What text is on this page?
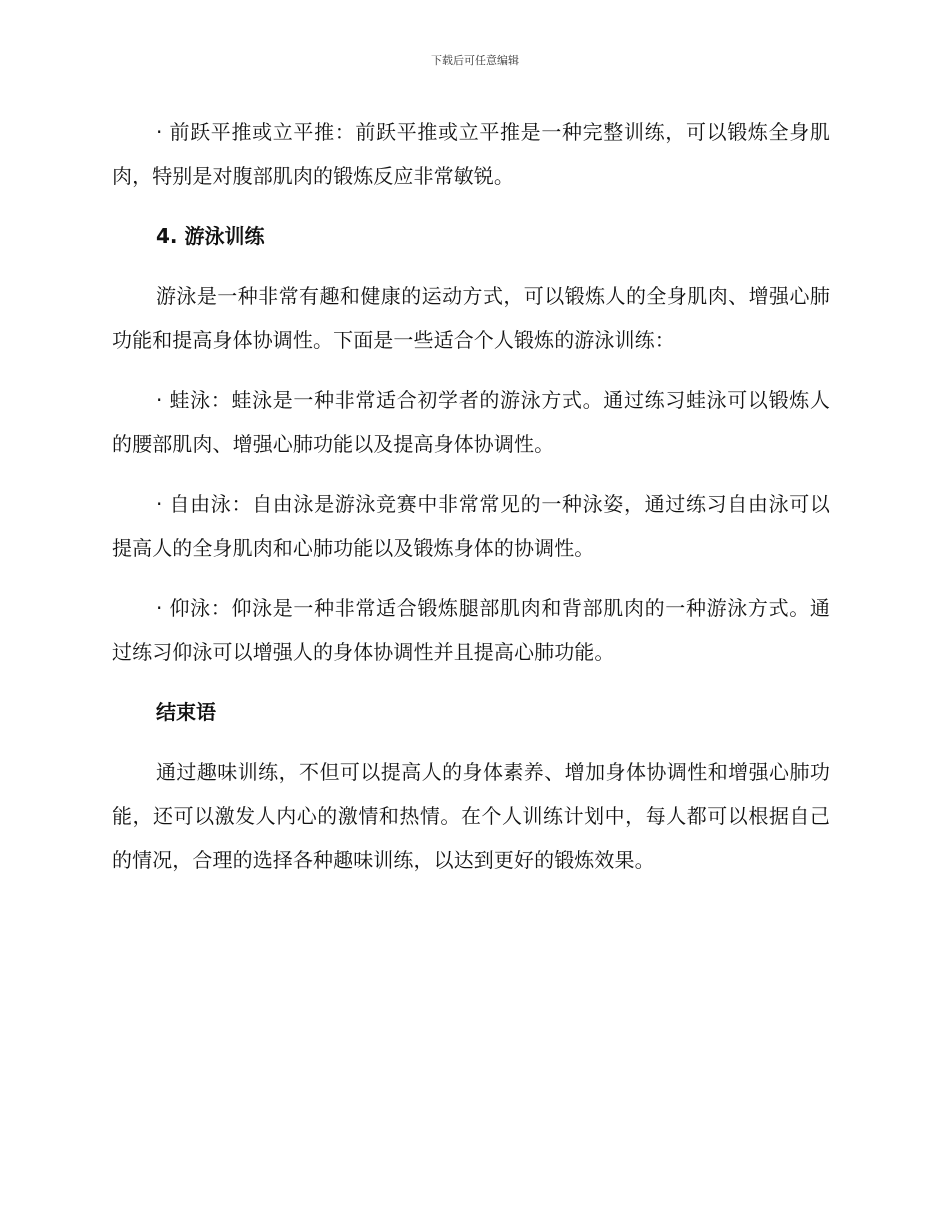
下载后可任意编辑

· 前跃平推或立平推：前跃平推或立平推是一种完整训练，可以锻炼全身肌肉，特别是对腹部肌肉的锻炼反应非常敏锐。

4. 游泳训练

游泳是一种非常有趣和健康的运动方式，可以锻炼人的全身肌肉、增强心肺功能和提高身体协调性。下面是一些适合个人锻炼的游泳训练：

· 蛙泳：蛙泳是一种非常适合初学者的游泳方式。通过练习蛙泳可以锻炼人的腰部肌肉、增强心肺功能以及提高身体协调性。

· 自由泳：自由泳是游泳竞赛中非常常见的一种泳姿，通过练习自由泳可以提高人的全身肌肉和心肺功能以及锻炼身体的协调性。

· 仰泳：仰泳是一种非常适合锻炼腿部肌肉和背部肌肉的一种游泳方式。通过练习仰泳可以增强人的身体协调性并且提高心肺功能。

结束语

通过趣味训练，不但可以提高人的身体素养、增加身体协调性和增强心肺功能，还可以激发人内心的激情和热情。在个人训练计划中，每人都可以根据自己的情况，合理的选择各种趣味训练，以达到更好的锻炼效果。
